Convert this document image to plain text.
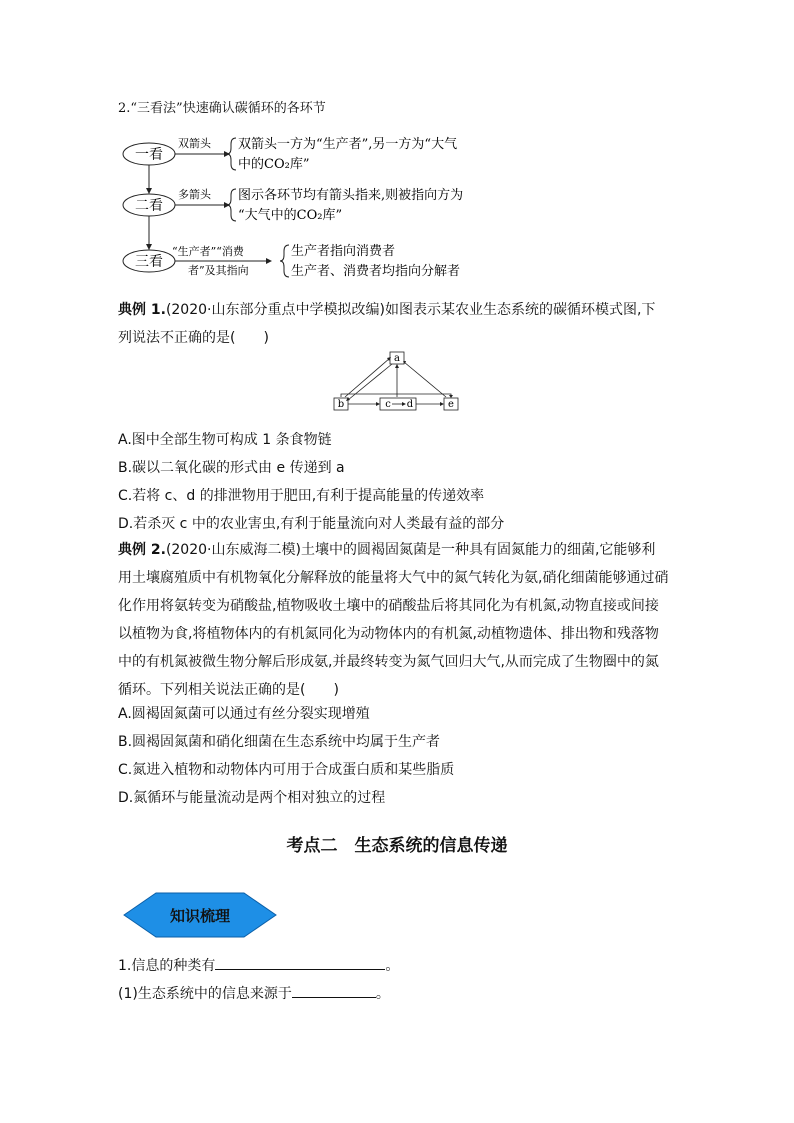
2.“三看法”快速确认碳循环的各环节
一看
二看
三看
双箭头
多箭头
“生产者”“消费
者”及其指向
双箭头一方为“生产者”,另一方为“大气
中的CO₂库”
图示各环节均有箭头指来,则被指向方为
“大气中的CO₂库”
生产者指向消费者
生产者、消费者均指向分解者
典例 1.(2020·山东部分重点中学模拟改编)如图表示某农业生态系统的碳循环模式图,下
列说法不正确的是(　　)
a
b	c d	e
A.图中全部生物可构成 1 条食物链
B.碳以二氧化碳的形式由 e 传递到 a
C.若将 c、d 的排泄物用于肥田,有利于提高能量的传递效率
D.若杀灭 c 中的农业害虫,有利于能量流向对人类最有益的部分
典例 2.(2020·山东威海二模)土壤中的圆褐固氮菌是一种具有固氮能力的细菌,它能够利
用土壤腐殖质中有机物氧化分解释放的能量将大气中的氮气转化为氨,硝化细菌能够通过硝
化作用将氨转变为硝酸盐,植物吸收土壤中的硝酸盐后将其同化为有机氮,动物直接或间接
以植物为食,将植物体内的有机氮同化为动物体内的有机氮,动植物遗体、排出物和残落物
中的有机氮被微生物分解后形成氨,并最终转变为氮气回归大气,从而完成了生物圈中的氮
循环。下列相关说法正确的是(　　)
A.圆褐固氮菌可以通过有丝分裂实现增殖
B.圆褐固氮菌和硝化细菌在生态系统中均属于生产者
C.氮进入植物和动物体内可用于合成蛋白质和某些脂质
D.氮循环与能量流动是两个相对独立的过程
考点二　生态系统的信息传递
知识梳理
1.信息的种类有	。
(1)生态系统中的信息来源于	。
